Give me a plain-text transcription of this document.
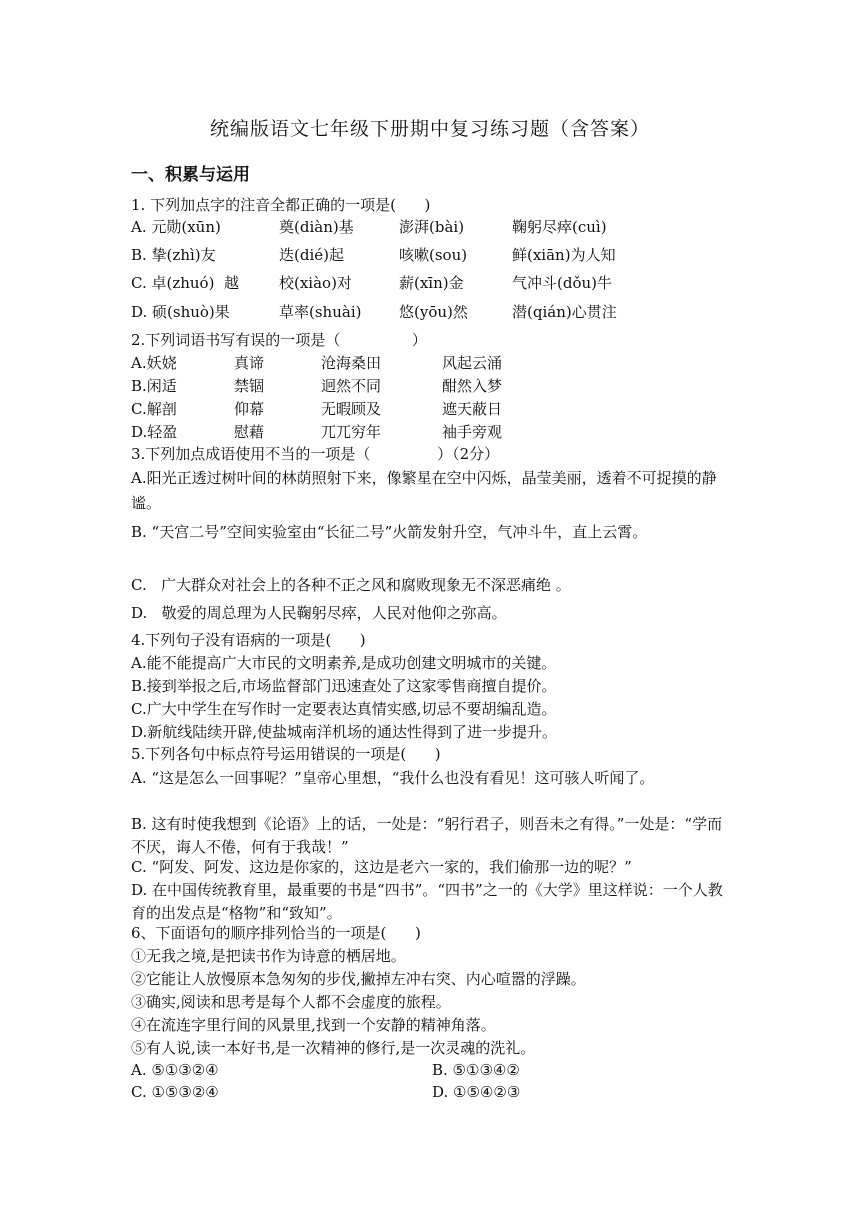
统编版语文七年级下册期中复习练习题（含答案）
一、积累与运用
1. 下列加点字的注音全都正确的一项是(      )
A. 元勋(xūn)	奠(diàn)基	澎湃(bài)	鞠躬尽瘁(cuì)
B. 挚(zhì)友	迭(dié)起	咳嗽(sou)	鲜(xiān)为人知
C. 卓(zhuó)  越	校(xiào)对	薪(xīn)金	气冲斗(dǒu)牛
D. 硕(shuò)果	草率(shuài)	悠(yōu)然	潜(qián)心贯注
2.下列词语书写有误的一项是（               ）
A.妖娆	真谛	沧海桑田	风起云涌
B.闲适	禁锢	迥然不同	酣然入梦
C.解剖	仰幕	无暇顾及	遮天蔽日
D.轻盈	慰藉	兀兀穷年	袖手旁观
3.下列加点成语使用不当的一项是（              ）（2分）
A.阳光正透过树叶间的林荫照射下来，像繁星在空中闪烁，晶莹美丽，透着不可捉摸的静谧。
B. “天宫二号”空间实验室由“长征二号”火箭发射升空，气冲斗牛，直上云霄。
C.   广大群众对社会上的各种不正之风和腐败现象无不深恶痛绝 。
D.   敬爱的周总理为人民鞠躬尽瘁，人民对他仰之弥高。
4.下列句子没有语病的一项是(      )
A.能不能提高广大市民的文明素养,是成功创建文明城市的关键。
B.接到举报之后,市场监督部门迅速查处了这家零售商擅自提价。
C.广大中学生在写作时一定要表达真情实感,切忌不要胡编乱造。
D.新航线陆续开辟,使盐城南洋机场的通达性得到了进一步提升。
5.下列各句中标点符号运用错误的一项是(      )
A. “这是怎么一回事呢？”皇帝心里想，“我什么也没有看见！这可骇人听闻了。
B. 这有时使我想到《论语》上的话，一处是：“躬行君子，则吾未之有得。”一处是：“学而不厌，诲人不倦，何有于我哉！”
C. “阿发、阿发、这边是你家的，这边是老六一家的，我们偷那一边的呢？”
D. 在中国传统教育里，最重要的书是“四书”。“四书”之一的《大学》里这样说：一个人教育的出发点是“格物”和“致知”。
6、下面语句的顺序排列恰当的一项是(      )
①无我之境,是把读书作为诗意的栖居地。
②它能让人放慢原本急匆匆的步伐,撇掉左冲右突、内心喧嚣的浮躁。
③确实,阅读和思考是每个人都不会虚度的旅程。
④在流连字里行间的风景里,找到一个安静的精神角落。
⑤有人说,读一本好书,是一次精神的修行,是一次灵魂的洗礼。
A. ⑤①③②④	B. ⑤①③④②
C. ①⑤③②④	D. ①⑤④②③
